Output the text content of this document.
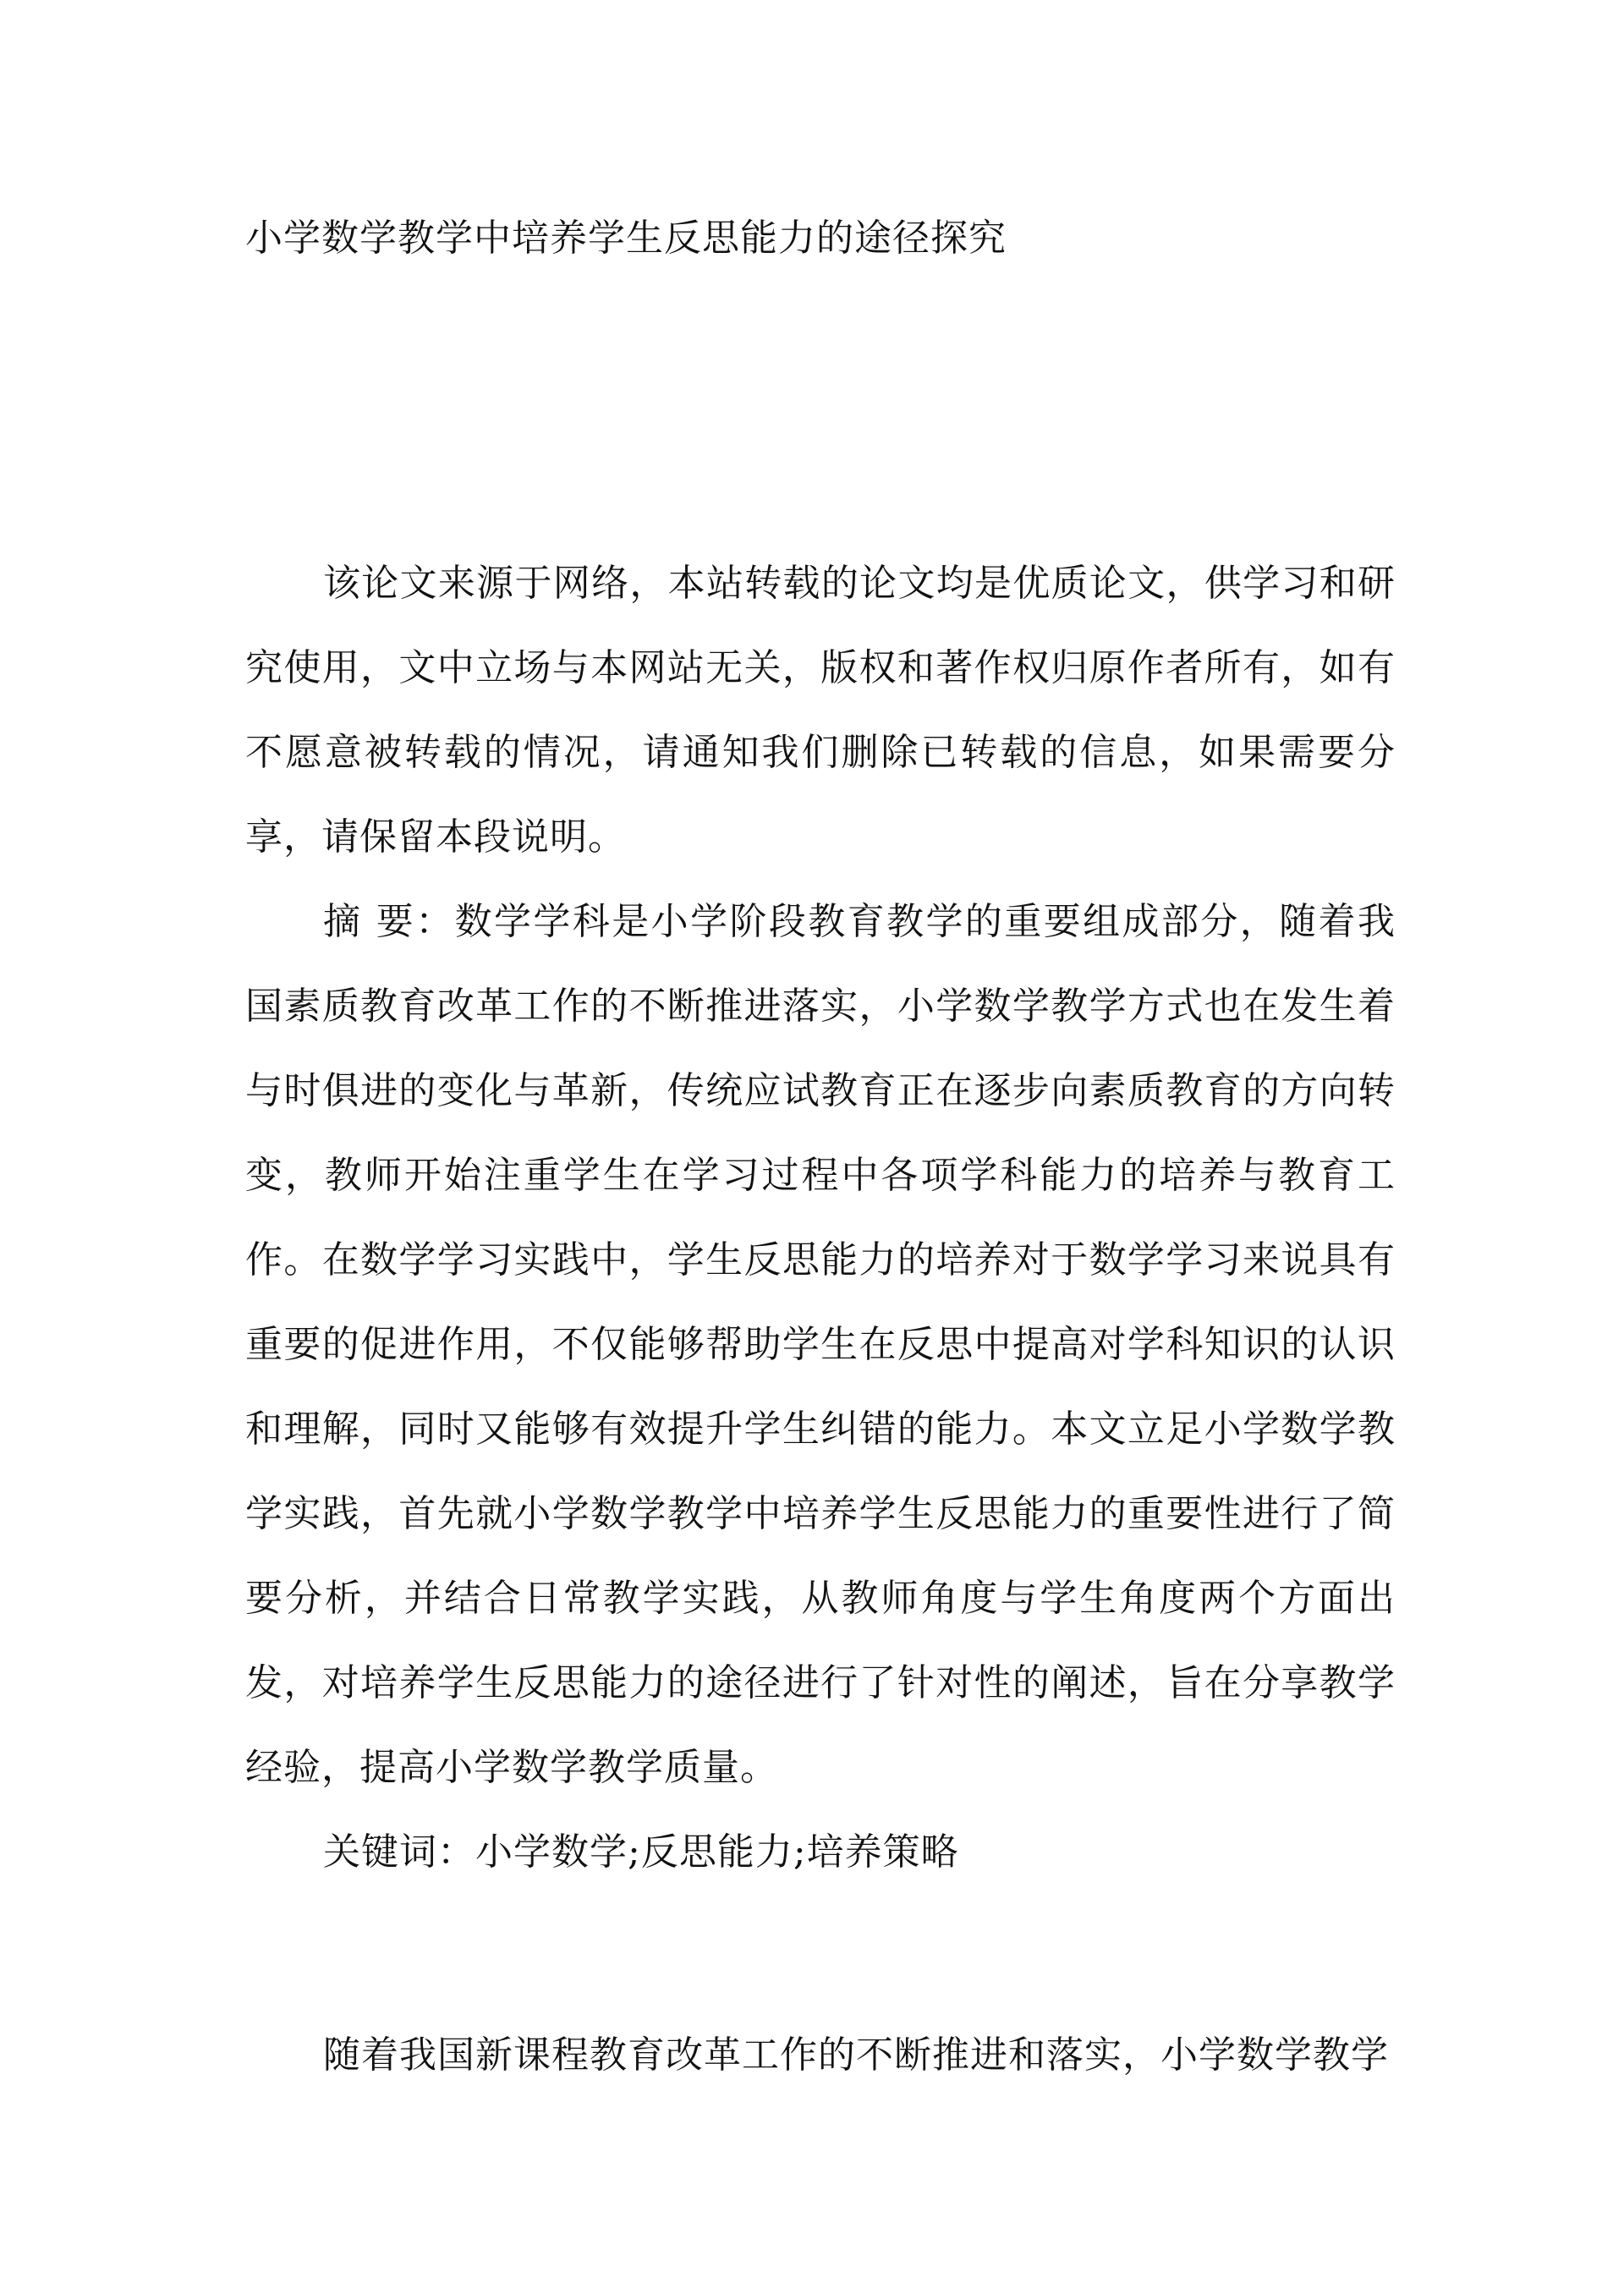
小学数学教学中培养学生反思能力的途径探究

该论文来源于网络，本站转载的论文均是优质论文，供学习和研究使用，文中立场与本网站无关，版权和著作权归原作者所有，如有不愿意被转载的情况，请通知我们删除已转载的信息，如果需要分享，请保留本段说明。

摘 要：数学学科是小学阶段教育教学的重要组成部分，随着我国素质教育改革工作的不断推进落实，小学数学教学方式也在发生着与时俱进的变化与革新，传统应试教育正在逐步向素质教育的方向转变，教师开始注重学生在学习过程中各项学科能力的培养与教育工作。在数学学习实践中，学生反思能力的培养对于数学学习来说具有重要的促进作用，不仅能够帮助学生在反思中提高对学科知识的认识和理解，同时又能够有效提升学生纠错的能力。本文立足小学数学教学实践，首先就小学数学教学中培养学生反思能力的重要性进行了简要分析，并结合日常教学实践，从教师角度与学生角度两个方面出发，对培养学生反思能力的途径进行了针对性的阐述，旨在分享教学经验，提高小学数学教学质量。

关键词：小学数学;反思能力;培养策略

随着我国新课程教育改革工作的不断推进和落实，小学数学教学
